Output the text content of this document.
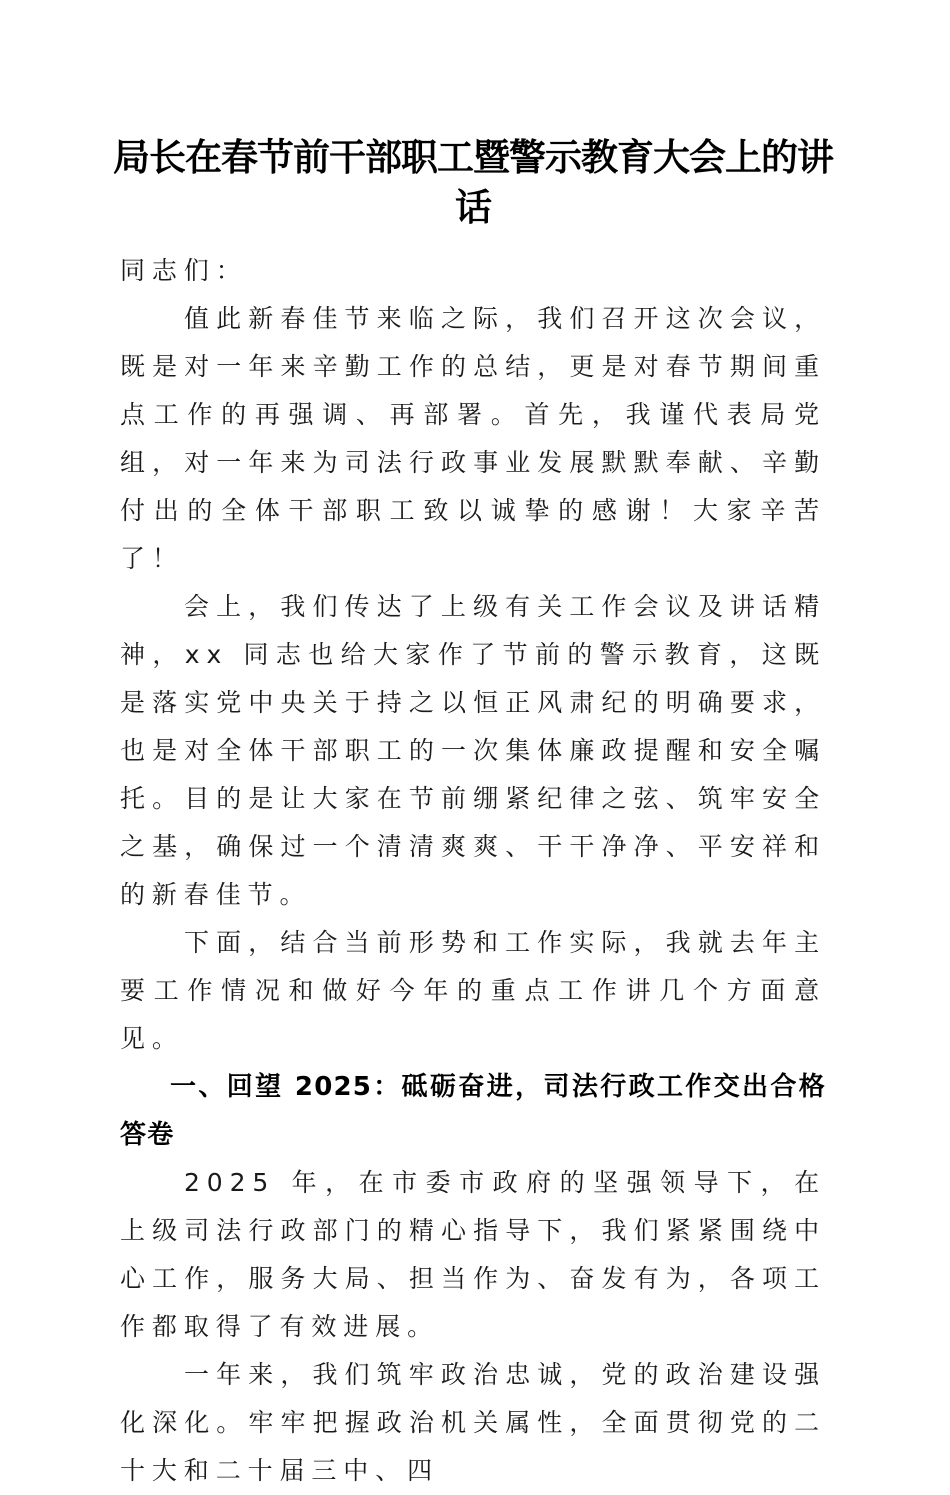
局长在春节前干部职工暨警示教育大会上的讲
话

同志们：

值此新春佳节来临之际，我们召开这次会议，既是对一年来辛勤工作的总结，更是对春节期间重点工作的再强调、再部署。首先，我谨代表局党组，对一年来为司法行政事业发展默默奉献、辛勤付出的全体干部职工致以诚挚的感谢！大家辛苦了！

会上，我们传达了上级有关工作会议及讲话精神，xx 同志也给大家作了节前的警示教育，这既是落实党中央关于持之以恒正风肃纪的明确要求，也是对全体干部职工的一次集体廉政提醒和安全嘱托。目的是让大家在节前绷紧纪律之弦、筑牢安全之基，确保过一个清清爽爽、干干净净、平安祥和的新春佳节。

下面，结合当前形势和工作实际，我就去年主要工作情况和做好今年的重点工作讲几个方面意见。

一、回望 2025：砥砺奋进，司法行政工作交出合格答卷

2025 年，在市委市政府的坚强领导下，在上级司法行政部门的精心指导下，我们紧紧围绕中心工作，服务大局、担当作为、奋发有为，各项工作都取得了有效进展。

一年来，我们筑牢政治忠诚，党的政治建设强化深化。牢牢把握政治机关属性，全面贯彻党的二十大和二十届三中、四
